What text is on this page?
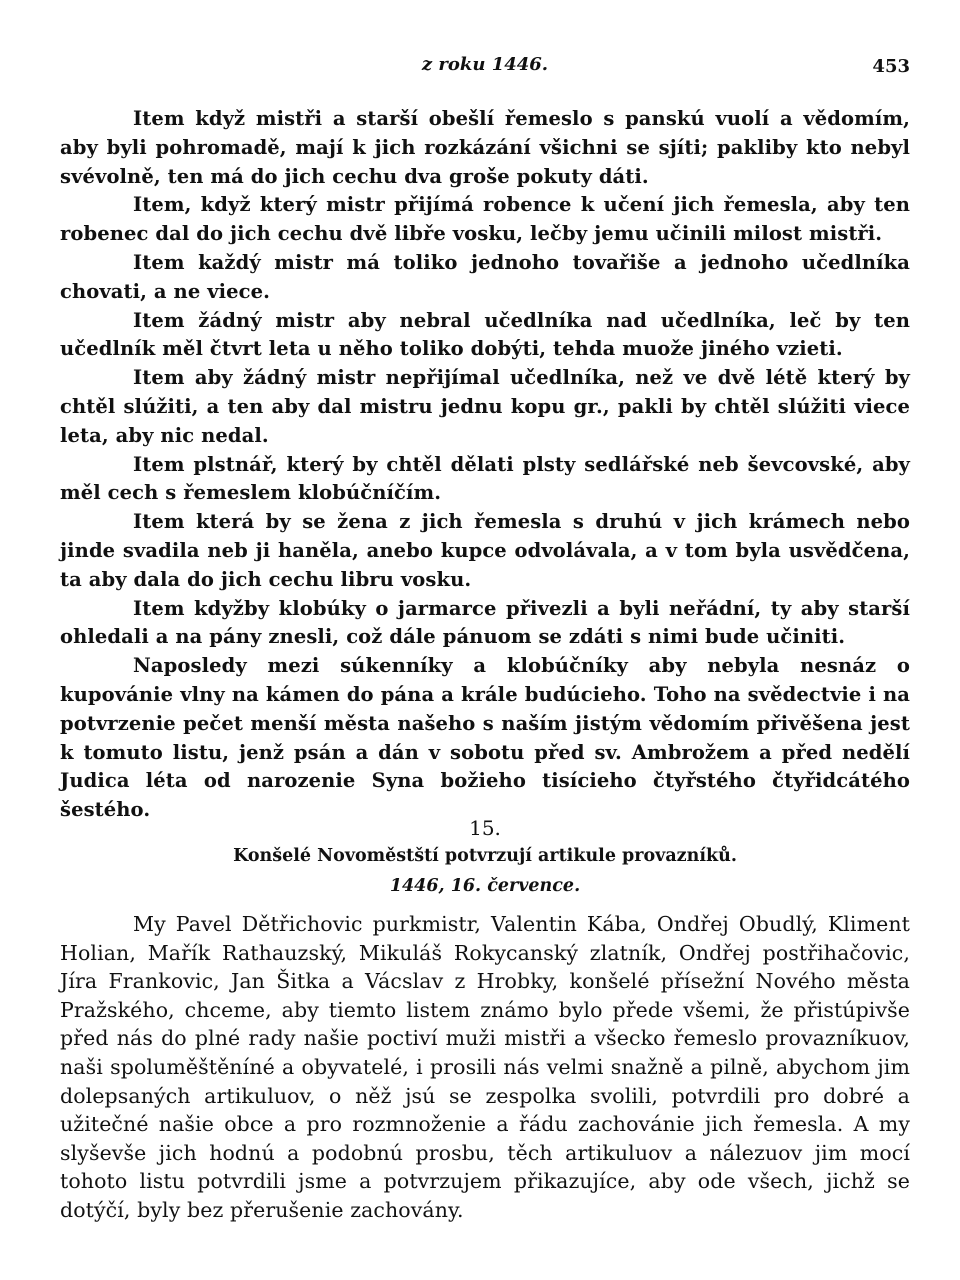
z roku 1446.	453

Item když mistři a starší obešlí řemeslo s panskú vuolí a vědomím, aby byli pohromadě, mají k jich rozkázání všichni se sjíti; pakliby kto nebyl svévolně, ten má do jich cechu dva groše pokuty dáti.

Item, když který mistr přijímá robence k učení jich řemesla, aby ten robenec dal do jich cechu dvě libře vosku, lečby jemu učinili milost mistři.

Item každý mistr má toliko jednoho tovařiše a jednoho učedlníka chovati, a ne viece.

Item žádný mistr aby nebral učedlníka nad učedlníka, leč by ten učedlník měl čtvrt leta u něho toliko dobýti, tehda muože jiného vzieti.

Item aby žádný mistr nepřijímal učedlníka, než ve dvě létě který by chtěl slúžiti, a ten aby dal mistru jednu kopu gr., pakli by chtěl slúžiti viece leta, aby nic nedal.

Item plstnář, který by chtěl dělati plsty sedlářské neb ševcovské, aby měl cech s řemeslem klobúčníčím.

Item která by se žena z jich řemesla s druhú v jich krámech nebo jinde svadila neb ji haněla, anebo kupce odvolávala, a v tom byla usvědčena, ta aby dala do jich cechu libru vosku.

Item kdyžby klobúky o jarmarce přivezli a byli neřádní, ty aby starší ohledali a na pány znesli, což dále pánuom se zdáti s nimi bude učiniti.

Naposledy mezi súkenníky a klobúčníky aby nebyla nesnáz o kupovánie vlny na kámen do pána a krále budúcieho. Toho na svědectvie i na potvrzenie pečet menší města našeho s naším jistým vědomím přivěšena jest k tomuto listu, jenž psán a dán v sobotu před sv. Ambrožem a před nedělí Judica léta od narozenie Syna božieho tisícieho čtyřstého čtyřidcátého šestého.

15.
Konšelé Novoměstští potvrzují artikule provazníků.
1446, 16. července.

My Pavel Dětřichovic purkmistr, Valentin Kába, Ondřej Obudlý, Kliment Holian, Mařík Rathauzský, Mikuláš Rokycanský zlatník, Ondřej postřihačovic, Jíra Frankovic, Jan Šitka a Vácslav z Hrobky, konšelé přísežní Nového města Pražského, chceme, aby tiemto listem známo bylo přede všemi, že přistúpivše před nás do plné rady našie poctiví muži mistři a všecko řemeslo provazníkuov, naši spoluměštěníné a obyvatelé, i prosili nás velmi snažně a pilně, abychom jim dolepsaných artikuluov, o něž jsú se zespolka svolili, potvrdili pro dobré a užitečné našie obce a pro rozmnoženie a řádu zachovánie jich řemesla. A my slyševše jich hodnú a podobnú prosbu, těch artikuluov a nálezuov jim mocí tohoto listu potvrdili jsme a potvrzujem přikazujíce, aby ode všech, jichž se dotýčí, byly bez přerušenie zachovány.
